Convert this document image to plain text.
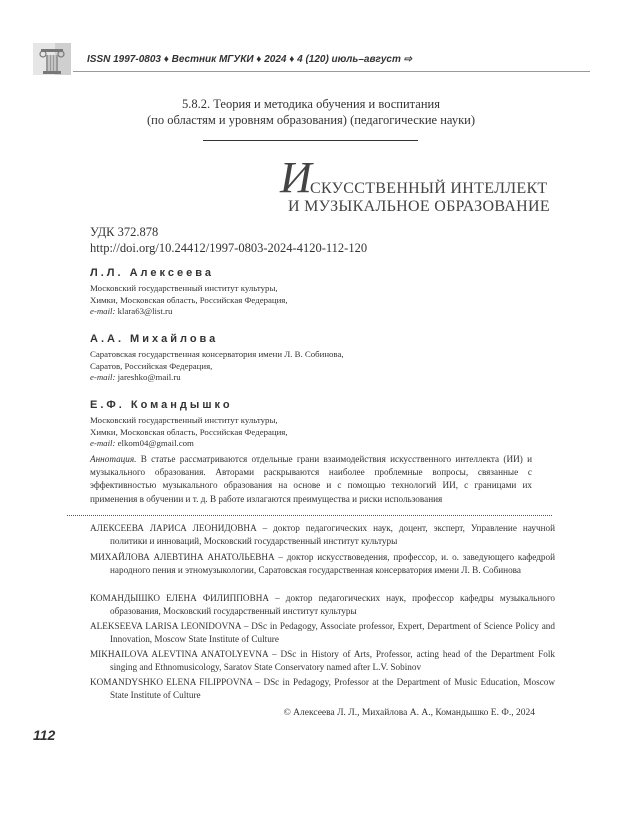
ISSN 1997-0803 ♦ Вестник МГУКИ ♦ 2024 ♦ 4 (120) июль–август ⇨
5.8.2. Теория и методика обучения и воспитания
(по областям и уровням образования) (педагогические науки)
И
СКУССТВЕННЫЙ ИНТЕЛЛЕКТ
И МУЗЫКАЛЬНОЕ ОБРАЗОВАНИЕ
УДК 372.878
http://doi.org/10.24412/1997-0803-2024-4120-112-120
Л.Л. Алексеева
Московский государственный институт культуры,
Химки, Московская область, Российская Федерация,
e-mail: klara63@list.ru
А.А. Михайлова
Саратовская государственная консерватория имени Л. В. Собинова,
Саратов, Российская Федерация,
e-mail: jareshko@mail.ru
Е.Ф. Командышко
Московский государственный институт культуры,
Химки, Московская область, Российская Федерация,
e-mail: elkom04@gmail.com
Аннотация. В статье рассматриваются отдельные грани взаимодействия искусственного интеллекта (ИИ) и музыкального образования. Авторами раскрываются наиболее проблемные вопросы, связанные с эффективностью музыкального образования на основе и с помощью технологий ИИ, с границами их применения в обучении и т. д. В работе излагаются преимущества и риски использования
АЛЕКСЕЕВА ЛАРИСА ЛЕОНИДОВНА – доктор педагогических наук, доцент, эксперт, Управление научной политики и инноваций, Московский государственный институт культуры
МИХАЙЛОВА АЛЕВТИНА АНАТОЛЬЕВНА – доктор искусствоведения, профессор, и. о. заведующего кафедрой народного пения и этномузыкологии, Саратовская государственная консерватория имени Л. В. Собинова
КОМАНДЫШКО ЕЛЕНА ФИЛИППОВНА – доктор педагогических наук, профессор кафедры музыкального образования, Московский государственный институт культуры
ALEKSEEVA LARISA LEONIDOVNA – DSc in Pedagogy, Associate professor, Expert, Department of Science Policy and Innovation, Moscow State Institute of Culture
MIKHAILOVA ALEVTINA ANATOLYEVNA – DSc in History of Arts, Professor, acting head of the Department Folk singing and Ethnomusicology, Saratov State Conservatory named after L.V. Sobinov
KOMANDYSHKO ELENA FILIPPOVNA – DSc in Pedagogy, Professor at the Department of Music Education, Moscow State Institute of Culture
© Алексеева Л. Л., Михайлова А. А., Командышко Е. Ф., 2024
112
